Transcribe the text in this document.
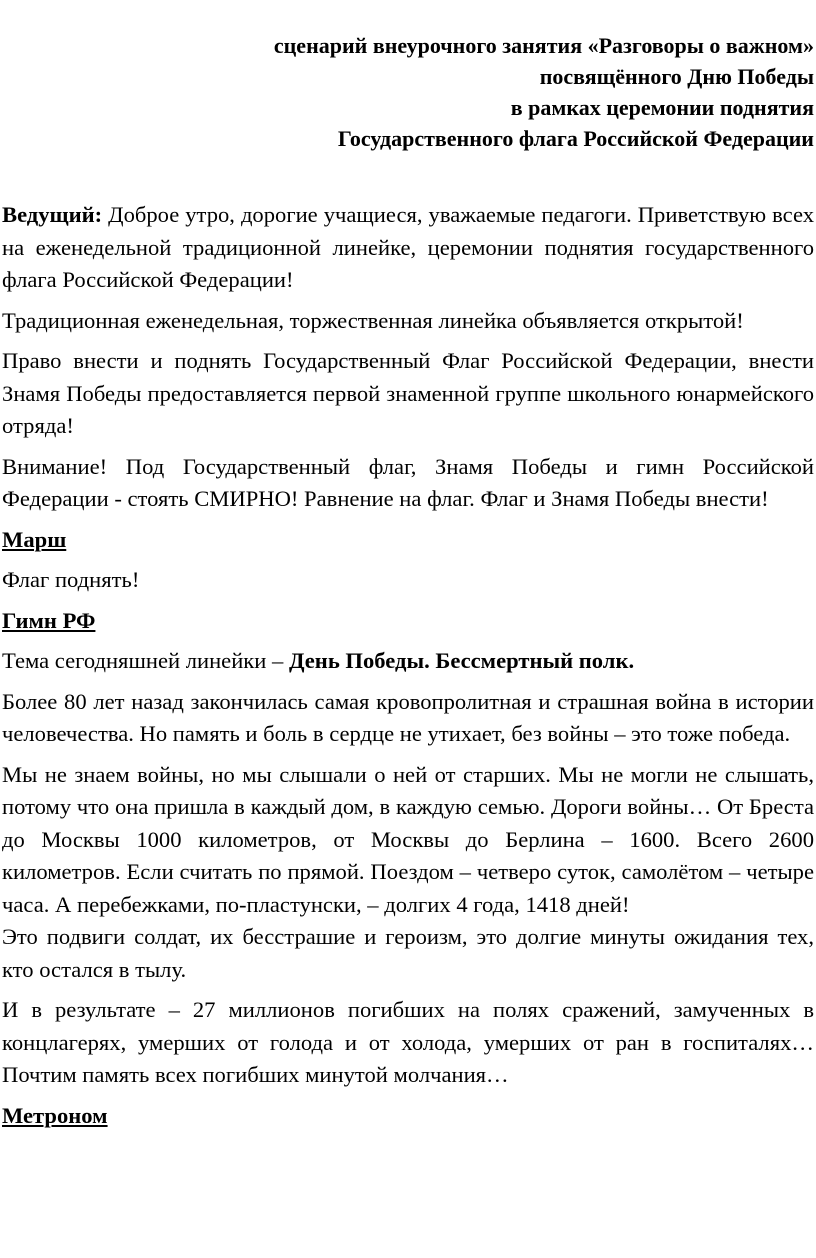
сценарий внеурочного занятия «Разговоры о важном»
посвящённого Дню Победы
в рамках церемонии поднятия
Государственного флага Российской Федерации

Ведущий: Доброе утро, дорогие учащиеся, уважаемые педагоги. Приветствую всех на еженедельной традиционной линейке, церемонии поднятия государственного флага Российской Федерации!

Традиционная еженедельная, торжественная линейка объявляется открытой!

Право внести и поднять Государственный Флаг Российской Федерации, внести Знамя Победы предоставляется первой знаменной группе школьного юнармейского отряда!

Внимание! Под Государственный флаг, Знамя Победы и гимн Российской Федерации - стоять СМИРНО! Равнение на флаг. Флаг и Знамя Победы внести!

Марш

Флаг поднять!

Гимн РФ

Тема сегодняшней линейки – День Победы. Бессмертный полк.

Более 80 лет назад закончилась самая кровопролитная и страшная война в истории человечества. Но память и боль в сердце не утихает, без войны – это тоже победа.

Мы не знаем войны, но мы слышали о ней от старших. Мы не могли не слышать, потому что она пришла в каждый дом, в каждую семью. Дороги войны… От Бреста до Москвы 1000 километров, от Москвы до Берлина – 1600. Всего 2600 километров. Если считать по прямой. Поездом – четверо суток, самолётом – четыре часа. А перебежками, по-пластунски, – долгих 4 года, 1418 дней!

Это подвиги солдат, их бесстрашие и героизм, это долгие минуты ожидания тех, кто остался в тылу.

И в результате – 27 миллионов погибших на полях сражений, замученных в концлагерях, умерших от голода и от холода, умерших от ран в госпиталях… Почтим память всех погибших минутой молчания…

Метроном
